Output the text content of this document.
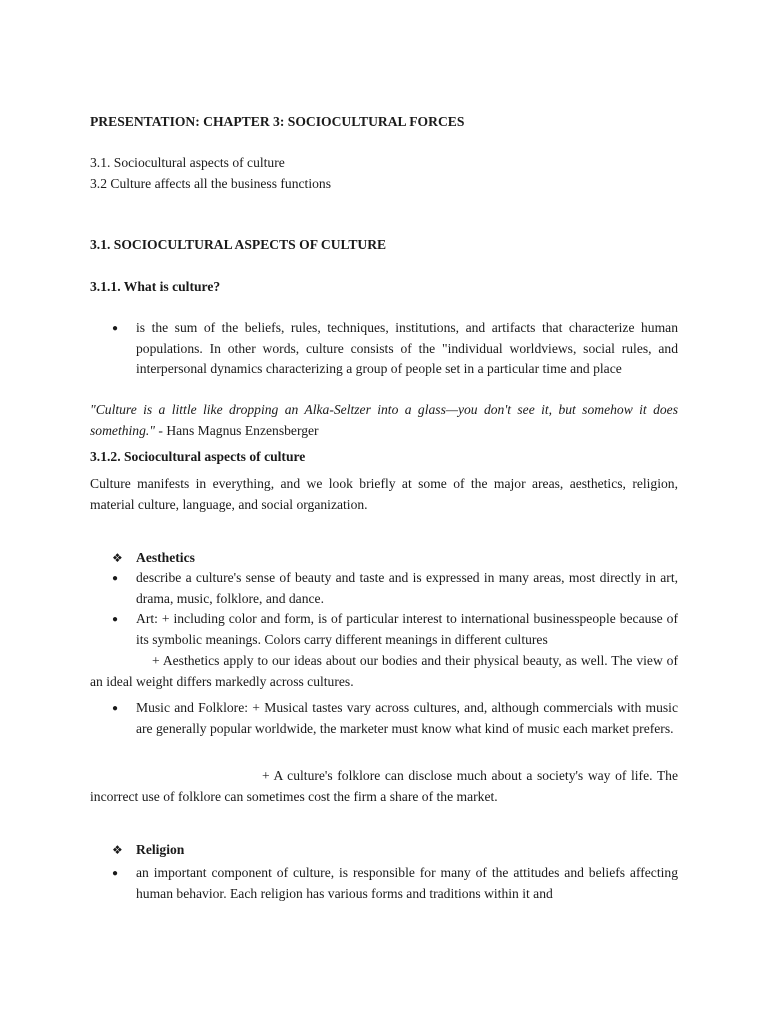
PRESENTATION: CHAPTER 3: SOCIOCULTURAL FORCES

3.1. Sociocultural aspects of culture

3.2 Culture affects all the business functions

3.1. SOCIOCULTURAL ASPECTS OF CULTURE

3.1.1. What is culture?

● is the sum of the beliefs, rules, techniques, institutions, and artifacts that characterize human populations. In other words, culture consists of the "individual worldviews, social rules, and interpersonal dynamics characterizing a group of people set in a particular time and place

"Culture is a little like dropping an Alka-Seltzer into a glass—you don't see it, but somehow it does something." - Hans Magnus Enzensberger

3.1.2. Sociocultural aspects of culture

Culture manifests in everything, and we look briefly at some of the major areas, aesthetics, religion, material culture, language, and social organization.

❖ Aesthetics
● describe a culture's sense of beauty and taste and is expressed in many areas, most directly in art, drama, music, folklore, and dance.

● Art: + including color and form, is of particular interest to international businesspeople because of its symbolic meanings. Colors carry different meanings in different cultures

+ Aesthetics apply to our ideas about our bodies and their physical beauty, as well. The view of an ideal weight differs markedly across cultures.

● Music and Folklore: + Musical tastes vary across cultures, and, although commercials with music are generally popular worldwide, the marketer must know what kind of music each market prefers.

+ A culture's folklore can disclose much about a society's way of life. The incorrect use of folklore can sometimes cost the firm a share of the market.

❖ Religion
● an important component of culture, is responsible for many of the attitudes and beliefs affecting human behavior. Each religion has various forms and traditions within it and
